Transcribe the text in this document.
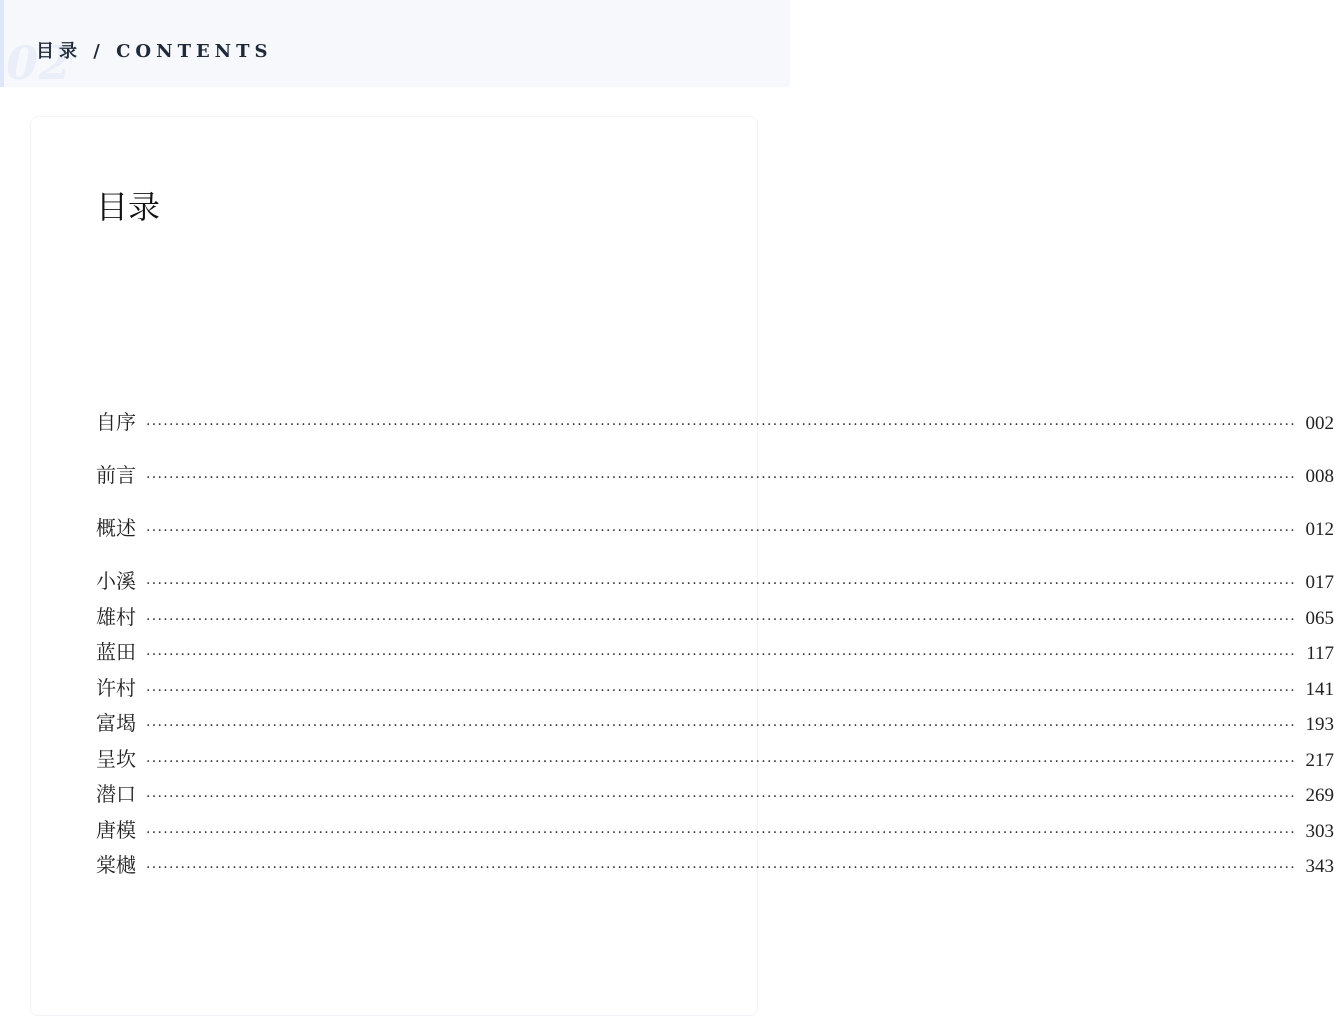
02
目录 / CONTENTS
目录
自序 ········································································································································································································ 002
前言 ········································································································································································································ 008
概述 ········································································································································································································ 012
小溪 ········································································································································································································ 017
雄村 ········································································································································································································ 065
蓝田 ········································································································································································································ 117
许村 ········································································································································································································ 141
富堨 ········································································································································································································ 193
呈坎 ········································································································································································································ 217
潜口 ········································································································································································································ 269
唐模 ········································································································································································································ 303
棠樾 ········································································································································································································ 343
